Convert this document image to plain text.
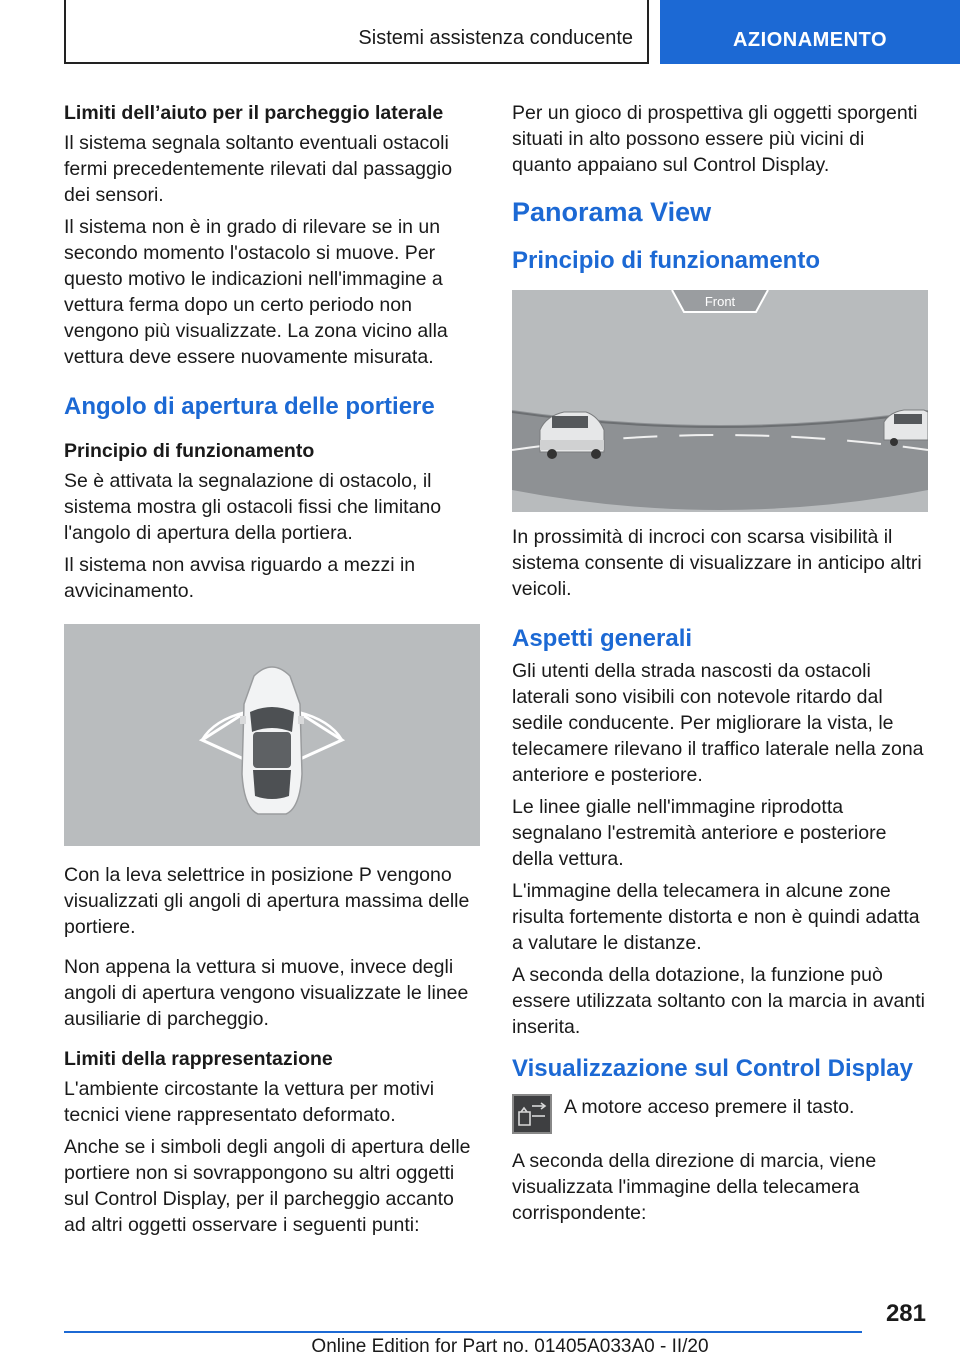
Sistemi assistenza conducente	AZIONAMENTO
Limiti dell’aiuto per il parcheggio laterale

Il sistema segnala soltanto eventuali ostacoli fermi precedentemente rilevati dal passaggio dei sensori.

Il sistema non è in grado di rilevare se in un secondo momento l'ostacolo si muove. Per questo motivo le indicazioni nell'immagine a vettura ferma dopo un certo periodo non vengono più visualizzate. La zona vicino alla vettura deve essere nuovamente misurata.

Angolo di apertura delle portiere
Principio di funzionamento

Se è attivata la segnalazione di ostacolo, il sistema mostra gli ostacoli fissi che limitano l'angolo di apertura della portiera.

Il sistema non avvisa riguardo a mezzi in avvicinamento.

Con la leva selettrice in posizione P vengono visualizzati gli angoli di apertura massima delle portiere.

Non appena la vettura si muove, invece degli angoli di apertura vengono visualizzate le linee ausiliarie di parcheggio.

Limiti della rappresentazione

L'ambiente circostante la vettura per motivi tecnici viene rappresentato deformato.

Anche se i simboli degli angoli di apertura delle portiere non si sovrappongono su altri oggetti sul Control Display, per il parcheggio accanto ad altri oggetti osservare i seguenti punti:

Per un gioco di prospettiva gli oggetti sporgenti situati in alto possono essere più vicini di quanto appaiano sul Control Display.

Panorama View
Principio di funzionamento
Front

In prossimità di incroci con scarsa visibilità il sistema consente di visualizzare in anticipo altri veicoli.

Aspetti generali

Gli utenti della strada nascosti da ostacoli laterali sono visibili con notevole ritardo dal sedile conducente. Per migliorare la vista, le telecamere rilevano il traffico laterale nella zona anteriore e posteriore.

Le linee gialle nell'immagine riprodotta segnalano l'estremità anteriore e posteriore della vettura.

L'immagine della telecamera in alcune zone risulta fortemente distorta e non è quindi adatta a valutare le distanze.

A seconda della dotazione, la funzione può essere utilizzata soltanto con la marcia in avanti inserita.

Visualizzazione sul Control Display

A motore acceso premere il tasto.

A seconda della direzione di marcia, viene visualizzata l'immagine della telecamera corrispondente:

281
Online Edition for Part no. 01405A033A0 - II/20
